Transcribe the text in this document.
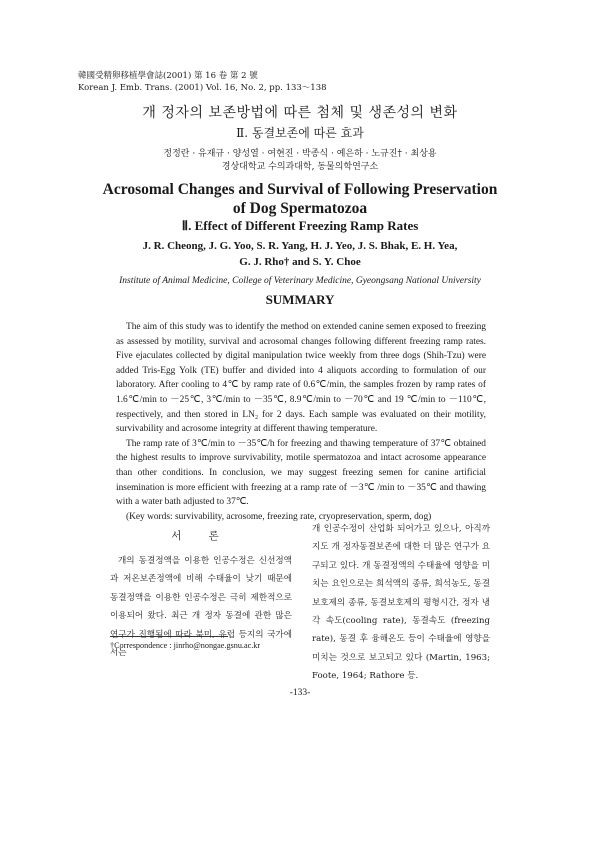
韓國受精卵移植學會誌(2001) 第 16 卷 第 2 號
Korean J. Emb. Trans. (2001) Vol. 16, No. 2, pp. 133～138
개 정자의 보존방법에 따른 첨체 및 생존성의 변화
Ⅱ. 동결보존에 따른 효과
정정란 · 유재규 · 양성열 · 여현진 · 박종식 · 예은하 · 노규진† · 최상용
경상대학교 수의과대학, 동물의학연구소
Acrosomal Changes and Survival of Following Preservation
of Dog Spermatozoa
Ⅱ. Effect of Different Freezing Ramp Rates
J. R. Cheong, J. G. Yoo, S. R. Yang, H. J. Yeo, J. S. Bhak, E. H. Yea,
G. J. Rho† and S. Y. Choe
Institute of Animal Medicine, College of Veterinary Medicine, Gyeongsang National University
SUMMARY

The aim of this study was to identify the method on extended canine semen exposed to freezing as assessed by motility, survival and acrosomal changes following different freezing ramp rates. Five ejaculates collected by digital manipulation twice weekly from three dogs (Shih-Tzu) were added Tris-Egg Yolk (TE) buffer and divided into 4 aliquots according to formulation of our laboratory. After cooling to 4℃ by ramp rate of 0.6℃/min, the samples frozen by ramp rates of 1.6℃/min to －25℃, 3℃/min to －35℃, 8.9℃/min to －70℃ and 19 ℃/min to －110℃, respectively, and then stored in LN₂ for 2 days. Each sample was evaluated on their motility, survivability and acrosome integrity at different thawing temperature.

The ramp rate of 3℃/min to －35℃/h for freezing and thawing temperature of 37℃ obtained the highest results to improve survivability, motile spermatozoa and intact acrosome appearance than other conditions. In conclusion, we may suggest freezing semen for canine artificial insemination is more efficient with freezing at a ramp rate of －3℃ /min to －35℃ and thawing with a water bath adjusted to 37℃.

(Key words: survivability, acrosome, freezing rate, cryopreservation, sperm, dog)

서 론

개의 동결정액을 이용한 인공수정은 신선정액과 저온보존정액에 비해 수태율이 낮기 때문에 동결정액을 이용한 인공수정은 극히 제한적으로 이용되어 왔다. 최근 개 정자 동결에 관한 많은 연구가 진행됨에 따라 북미, 유럽 등지의 국가에서는

개 인공수정이 산업화 되어가고 있으나, 아직까지도 개 정자동결보존에 대한 더 많은 연구가 요구되고 있다. 개 동결정액의 수태율에 영향을 미치는 요인으로는 희석액의 종류, 희석농도, 동결보호제의 종류, 동결보호제의 평형시간, 정자 냉각 속도(cooling rate), 동결속도 (freezing rate), 동결 후 융해온도 등이 수태율에 영향을 미치는 것으로 보고되고 있다 (Martin, 1963; Foote, 1964; Rathore 등.

†Correspondence : jinrho@nongae.gsnu.ac.kr
-133-
